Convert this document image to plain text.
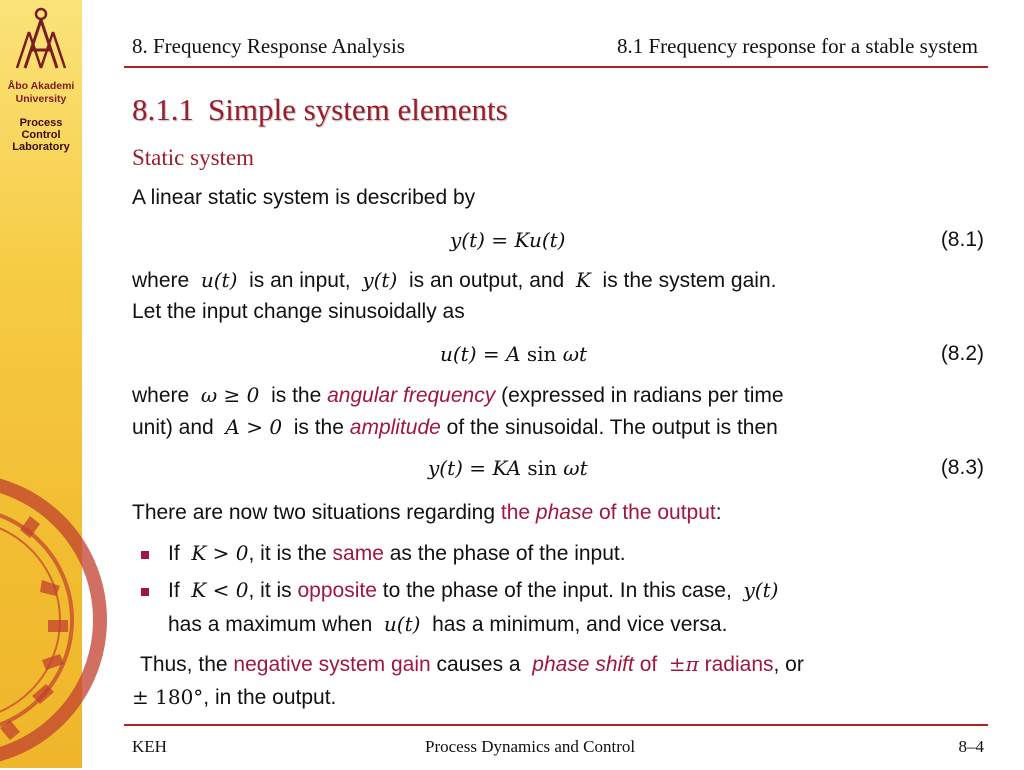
Åbo Akademi
University
Process
Control
Laboratory
8. Frequency Response Analysis	8.1 Frequency response for a stable system
8.1.1 Simple system elements
Static system
A linear static system is described by
y(t) = Ku(t)	(8.1)
where u(t) is an input, y(t) is an output, and K is the system gain.
Let the input change sinusoidally as
u(t) = A sin ωt	(8.2)
where ω ≥ 0 is the angular frequency (expressed in radians per time
unit) and A > 0 is the amplitude of the sinusoidal. The output is then
y(t) = KA sin ωt	(8.3)
There are now two situations regarding the phase of the output:
If K > 0, it is the same as the phase of the input.
If K < 0, it is opposite to the phase of the input. In this case, y(t)
has a maximum when u(t) has a minimum, and vice versa.
Thus, the negative system gain causes a phase shift of ±π radians, or
± 180°, in the output.
KEH	Process Dynamics and Control	8–4
